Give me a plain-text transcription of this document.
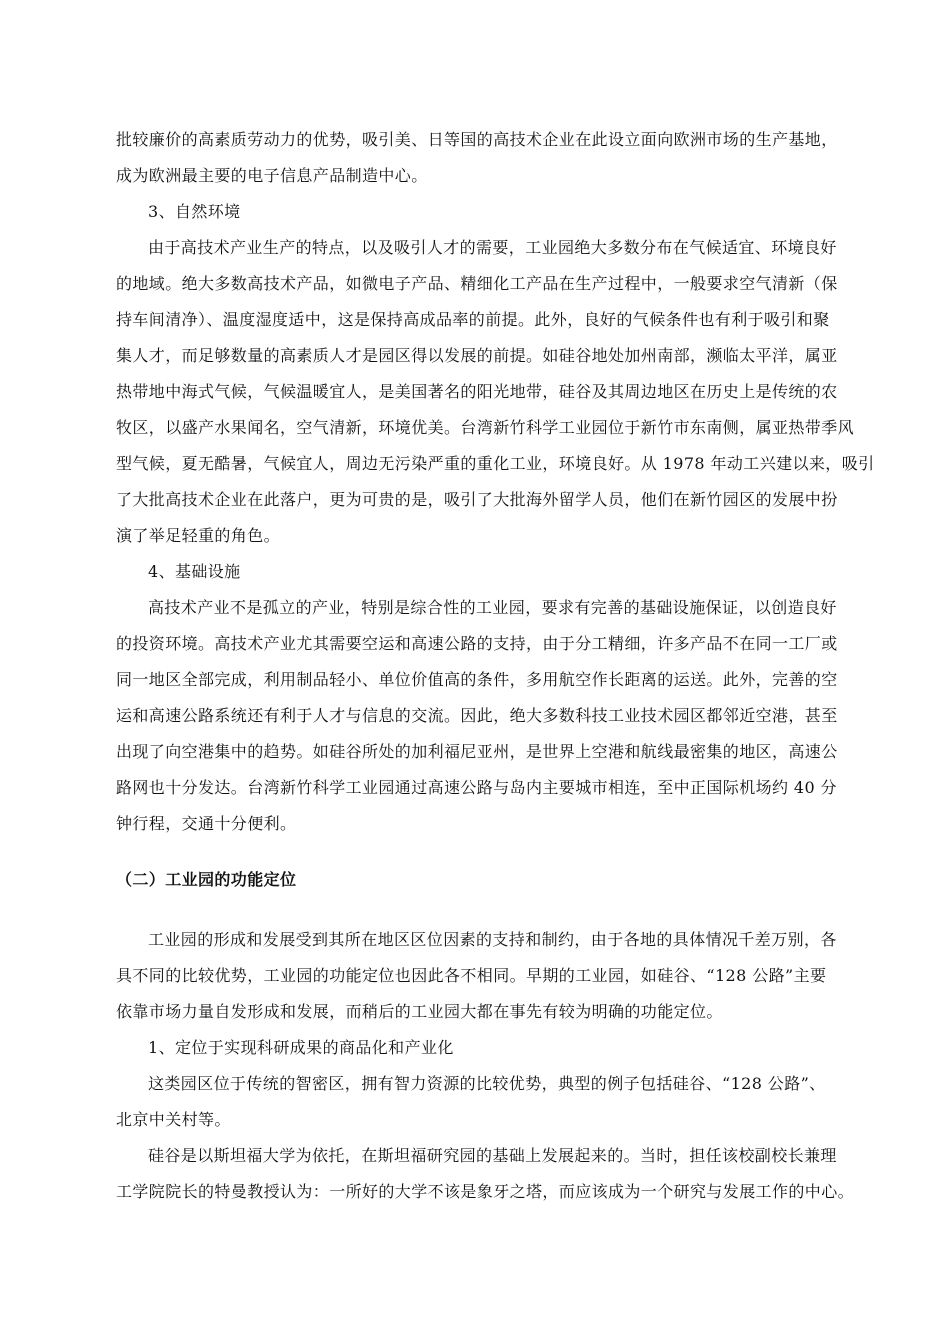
批较廉价的高素质劳动力的优势，吸引美、日等国的高技术企业在此设立面向欧洲市场的生产基地，
成为欧洲最主要的电子信息产品制造中心。
3、自然环境
由于高技术产业生产的特点，以及吸引人才的需要，工业园绝大多数分布在气候适宜、环境良好
的地域。绝大多数高技术产品，如微电子产品、精细化工产品在生产过程中，一般要求空气清新（保
持车间清净）、温度湿度适中，这是保持高成品率的前提。此外，良好的气候条件也有利于吸引和聚
集人才，而足够数量的高素质人才是园区得以发展的前提。如硅谷地处加州南部，濒临太平洋，属亚
热带地中海式气候，气候温暖宜人，是美国著名的阳光地带，硅谷及其周边地区在历史上是传统的农
牧区，以盛产水果闻名，空气清新，环境优美。台湾新竹科学工业园位于新竹市东南侧，属亚热带季风
型气候，夏无酷暑，气候宜人，周边无污染严重的重化工业，环境良好。从 1978 年动工兴建以来，吸引
了大批高技术企业在此落户，更为可贵的是，吸引了大批海外留学人员，他们在新竹园区的发展中扮
演了举足轻重的角色。
4、基础设施
高技术产业不是孤立的产业，特别是综合性的工业园，要求有完善的基础设施保证，以创造良好
的投资环境。高技术产业尤其需要空运和高速公路的支持，由于分工精细，许多产品不在同一工厂或
同一地区全部完成，利用制品轻小、单位价值高的条件，多用航空作长距离的运送。此外，完善的空
运和高速公路系统还有利于人才与信息的交流。因此，绝大多数科技工业技术园区都邻近空港，甚至
出现了向空港集中的趋势。如硅谷所处的加利福尼亚州，是世界上空港和航线最密集的地区，高速公
路网也十分发达。台湾新竹科学工业园通过高速公路与岛内主要城市相连，至中正国际机场约 40 分
钟行程，交通十分便利。
（二）工业园的功能定位
工业园的形成和发展受到其所在地区区位因素的支持和制约，由于各地的具体情况千差万别，各
具不同的比较优势，工业园的功能定位也因此各不相同。早期的工业园，如硅谷、“128 公路”主要
依靠市场力量自发形成和发展，而稍后的工业园大都在事先有较为明确的功能定位。
1、定位于实现科研成果的商品化和产业化
这类园区位于传统的智密区，拥有智力资源的比较优势，典型的例子包括硅谷、“128 公路”、
北京中关村等。
硅谷是以斯坦福大学为依托，在斯坦福研究园的基础上发展起来的。当时，担任该校副校长兼理
工学院院长的特曼教授认为：一所好的大学不该是象牙之塔，而应该成为一个研究与发展工作的中心。
